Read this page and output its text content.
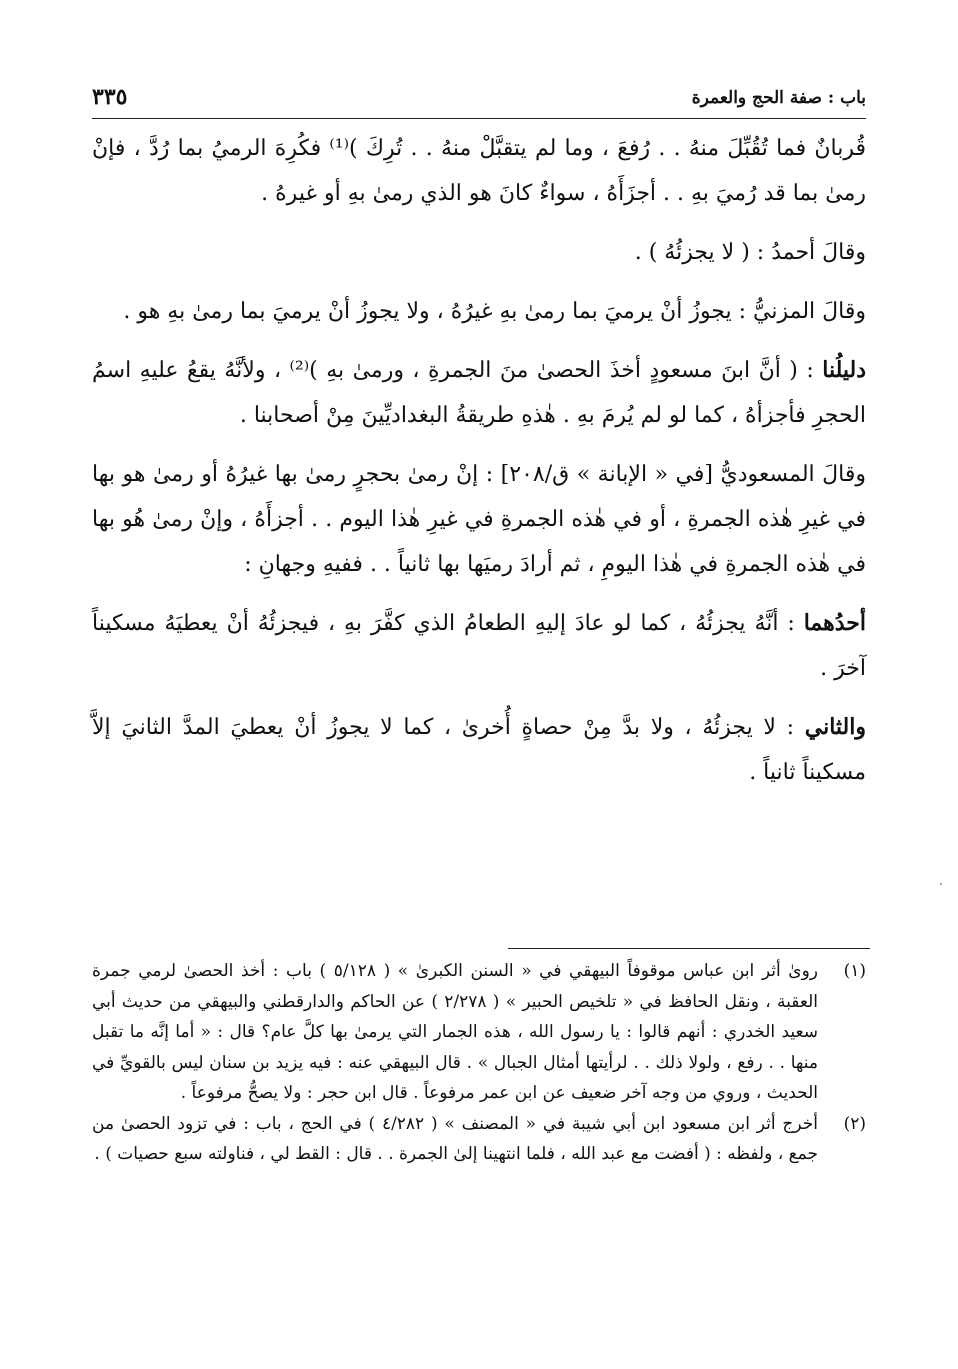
باب : صفة الحج والعمرة
٣٣٥

قُربانٌ فما تُقُبِّلَ منهُ . . رُفعَ ، وما لم يتقبَّلْ منهُ . . تُرِكَ )⁽¹⁾ فكُرِهَ الرميُ بما رُدَّ ، فإنْ رمىٰ بما قد رُميَ بهِ . . أجزَأَهُ ، سواءٌ كانَ هو الذي رمىٰ بهِ أو غيرهُ .

وقالَ أحمدُ : ( لا يجزئُهُ ) .

وقالَ المزنيُّ : يجوزُ أنْ يرميَ بما رمىٰ بهِ غيرُهُ ، ولا يجوزُ أنْ يرميَ بما رمىٰ بهِ هو .

دليلُنا : ( أنَّ ابنَ مسعودٍ أخذَ الحصىٰ منَ الجمرةِ ، ورمىٰ بهِ )⁽²⁾ ، ولأنَّهُ يقعُ عليهِ اسمُ الحجرِ فأجزأهُ ، كما لو لم يُرمَ بهِ . هٰذهِ طريقةُ البغداديِّينَ مِنْ أصحابنا .

وقالَ المسعوديُّ [في « الإبانة » ق/٢٠٨] : إنْ رمىٰ بحجرٍ رمىٰ بها غيرُهُ أو رمىٰ هو بها في غيرِ هٰذه الجمرةِ ، أو في هٰذه الجمرةِ في غيرِ هٰذا اليوم . . أجزأَهُ ، وإنْ رمىٰ هُو بها في هٰذه الجمرةِ في هٰذا اليومِ ، ثم أرادَ رميَها بها ثانياً . . ففيهِ وجهانِ :

أحدُهما : أنَّهُ يجزئُهُ ، كما لو عادَ إليهِ الطعامُ الذي كفَّرَ بهِ ، فيجزئُهُ أنْ يعطيَهُ مسكيناً آخرَ .

والثاني : لا يجزئُهُ ، ولا بدَّ مِنْ حصاةٍ أُخرىٰ ، كما لا يجوزُ أنْ يعطيَ المدَّ الثانيَ إلاَّ مسكيناً ثانياً .

(١)
روىٰ أثر ابن عباس موقوفاً البيهقي في « السنن الكبرىٰ » ( ٥/١٢٨ ) باب : أخذ الحصىٰ لرمي جمرة العقبة ، ونقل الحافظ في « تلخيص الحبير » ( ٢/٢٧٨ ) عن الحاكم والدارقطني والبيهقي من حديث أبي سعيد الخدري : أنهم قالوا : يا رسول الله ، هذه الجمار التي يرمىٰ بها كلَّ عام؟ قال : « أما إنَّه ما تقبل منها . . رفع ، ولولا ذلك . . لرأيتها أمثال الجبال » . قال البيهقي عنه : فيه يزيد بن سنان ليس بالقويِّ في الحديث ، وروي من وجه آخر ضعيف عن ابن عمر مرفوعاً . قال ابن حجر : ولا يصحُّ مرفوعاً .

(٢)
أخرج أثر ابن مسعود ابن أبي شيبة في « المصنف » ( ٤/٢٨٢ ) في الحج ، باب : في تزود الحصىٰ من جمع ، ولفظه : ( أفضت مع عبد الله ، فلما انتهينا إلىٰ الجمرة . . قال : القط لي ، فناولته سبع حصيات ) .
